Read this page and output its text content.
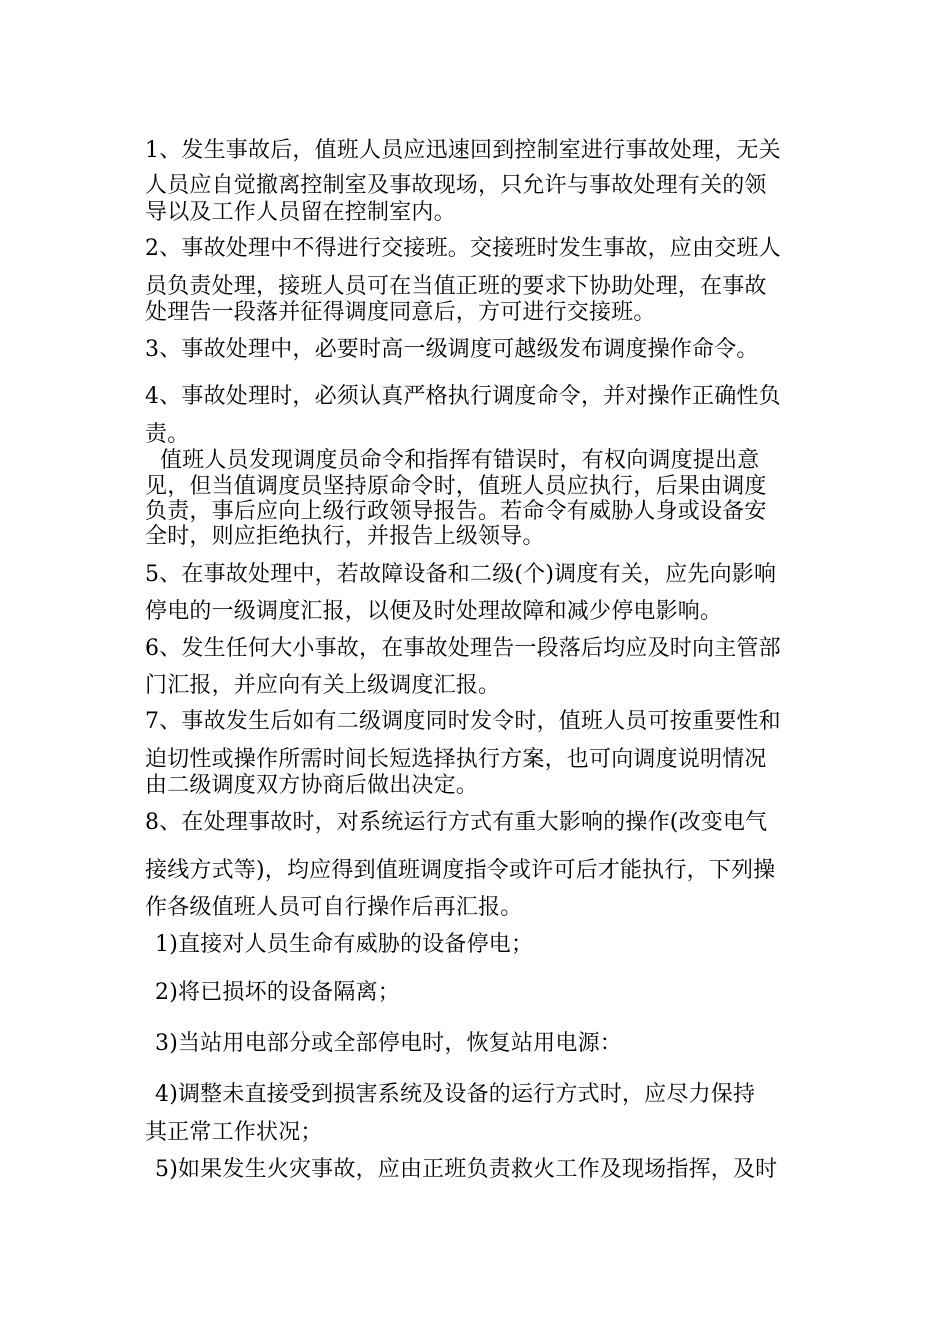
1、发生事故后，值班人员应迅速回到控制室进行事故处理，无关
人员应自觉撤离控制室及事故现场，只允许与事故处理有关的领
导以及工作人员留在控制室内。
2、事故处理中不得进行交接班。交接班时发生事故，应由交班人
员负责处理，接班人员可在当值正班的要求下协助处理，在事故
处理告一段落并征得调度同意后，方可进行交接班。
3、事故处理中，必要时高一级调度可越级发布调度操作命令。
4、事故处理时，必须认真严格执行调度命令，并对操作正确性负
责。
值班人员发现调度员命令和指挥有错误时，有权向调度提出意
见，但当值调度员坚持原命令时，值班人员应执行，后果由调度
负责，事后应向上级行政领导报告。若命令有威胁人身或设备安
全时，则应拒绝执行，并报告上级领导。
5、在事故处理中，若故障设备和二级(个)调度有关，应先向影响
停电的一级调度汇报，以便及时处理故障和减少停电影响。
6、发生任何大小事故，在事故处理告一段落后均应及时向主管部
门汇报，并应向有关上级调度汇报。
7、事故发生后如有二级调度同时发令时，值班人员可按重要性和
迫切性或操作所需时间长短选择执行方案，也可向调度说明情况
由二级调度双方协商后做出决定。
8、在处理事故时，对系统运行方式有重大影响的操作(改变电气
接线方式等)，均应得到值班调度指令或许可后才能执行，下列操
作各级值班人员可自行操作后再汇报。
1)直接对人员生命有威胁的设备停电；
2)将已损坏的设备隔离；
3)当站用电部分或全部停电时，恢复站用电源：
4)调整未直接受到损害系统及设备的运行方式时，应尽力保持
其正常工作状况；
5)如果发生火灾事故，应由正班负责救火工作及现场指挥，及时
